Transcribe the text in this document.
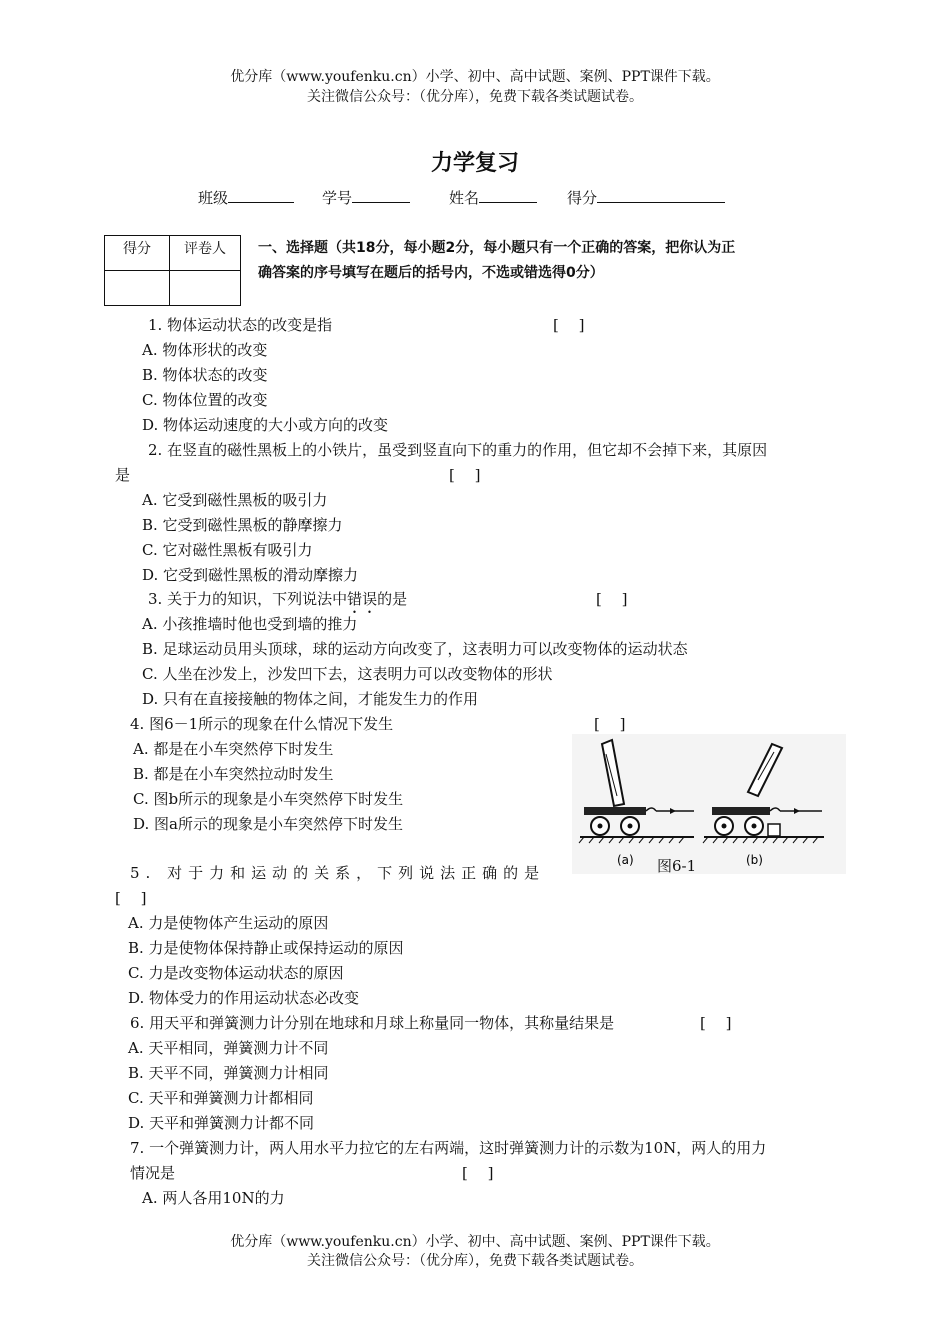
优分库（www.youfenku.cn）小学、初中、高中试题、案例、PPT课件下载。
关注微信公众号：（优分库），免费下载各类试题试卷。
力学复习
班级	学号	姓名	得分
得分	评卷人
	一、选择题（共18分，每小题2分，每小题只有一个正确的答案，把你认为正
确答案的序号填写在题后的括号内，不选或错选得0分）
1. 物体运动状态的改变是指	[　 ]
A. 物体形状的改变
B. 物体状态的改变
C. 物体位置的改变
D. 物体运动速度的大小或方向的改变
2. 在竖直的磁性黑板上的小铁片，虽受到竖直向下的重力的作用，但它却不会掉下来，其原因
是	[　 ]
A. 它受到磁性黑板的吸引力
B. 它受到磁性黑板的静摩擦力
C. 它对磁性黑板有吸引力
D. 它受到磁性黑板的滑动摩擦力
3. 关于力的知识，下列说法中错误的是	[　 ]
A. 小孩推墙时他也受到墙的推力
B. 足球运动员用头顶球，球的运动方向改变了，这表明力可以改变物体的运动状态
C. 人坐在沙发上，沙发凹下去，这表明力可以改变物体的形状
D. 只有在直接接触的物体之间，才能发生力的作用
4. 图6－1所示的现象在什么情况下发生	[　 ]
A. 都是在小车突然停下时发生
B. 都是在小车突然拉动时发生
C. 图b所示的现象是小车突然停下时发生
D. 图a所示的现象是小车突然停下时发生
(a)	(b)
图6-1
5. 对于力和运动的关系，下列说法正确的是
[　 ]
A. 力是使物体产生运动的原因
B. 力是使物体保持静止或保持运动的原因
C. 力是改变物体运动状态的原因
D. 物体受力的作用运动状态必改变
6. 用天平和弹簧测力计分别在地球和月球上称量同一物体，其称量结果是	[　 ]
A. 天平相同，弹簧测力计不同
B. 天平不同，弹簧测力计相同
C. 天平和弹簧测力计都相同
D. 天平和弹簧测力计都不同
7. 一个弹簧测力计，两人用水平力拉它的左右两端，这时弹簧测力计的示数为10N，两人的用力
情况是	[　 ]
A. 两人各用10N的力
优分库（www.youfenku.cn）小学、初中、高中试题、案例、PPT课件下载。
关注微信公众号：（优分库），免费下载各类试题试卷。
